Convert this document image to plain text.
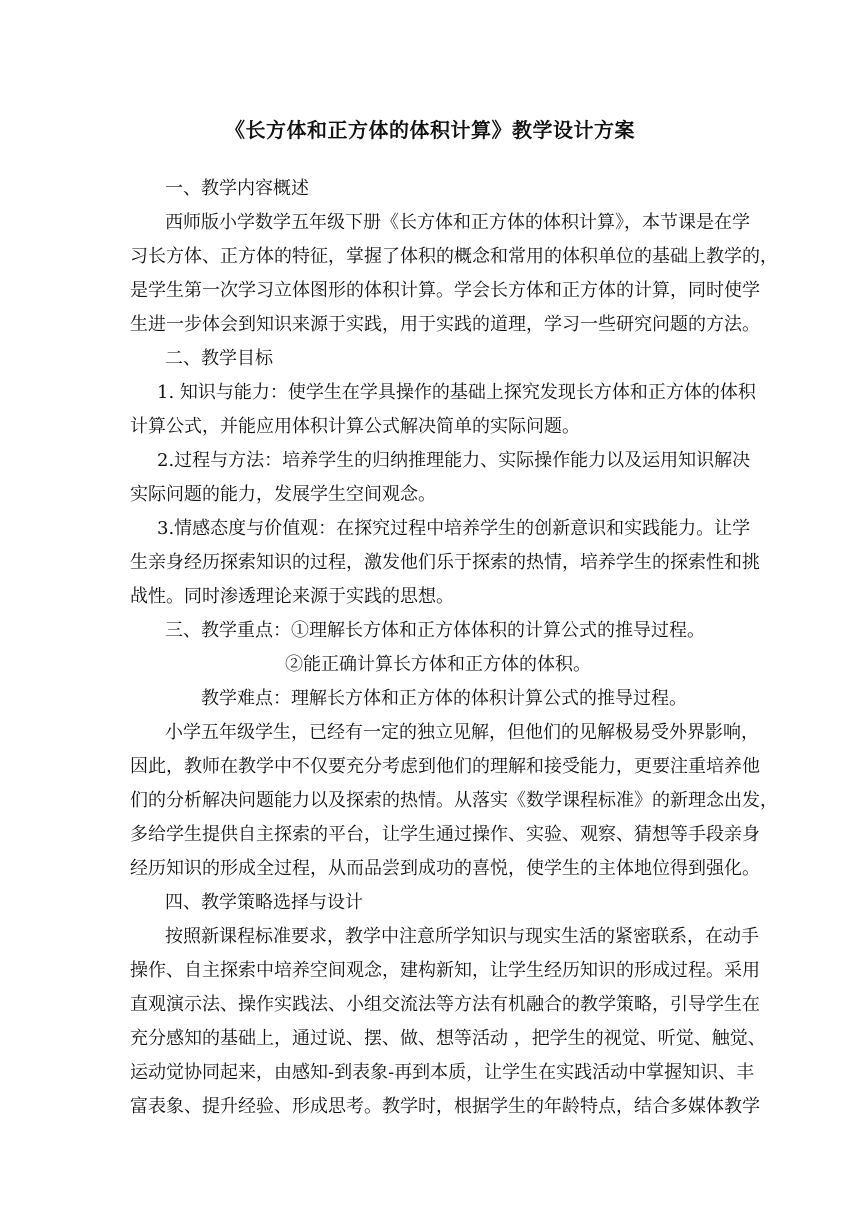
《长方体和正方体的体积计算》教学设计方案
一、教学内容概述
西师版小学数学五年级下册《长方体和正方体的体积计算》，本节课是在学
习长方体、正方体的特征，掌握了体积的概念和常用的体积单位的基础上教学的，
是学生第一次学习立体图形的体积计算。学会长方体和正方体的计算，同时使学
生进一步体会到知识来源于实践，用于实践的道理，学习一些研究问题的方法。
二、教学目标
1. 知识与能力：使学生在学具操作的基础上探究发现长方体和正方体的体积
计算公式，并能应用体积计算公式解决简单的实际问题。
2.过程与方法：培养学生的归纳推理能力、实际操作能力以及运用知识解决
实际问题的能力，发展学生空间观念。
3.情感态度与价值观：在探究过程中培养学生的创新意识和实践能力。让学
生亲身经历探索知识的过程，激发他们乐于探索的热情，培养学生的探索性和挑
战性。同时渗透理论来源于实践的思想。
三、教学重点：①理解长方体和正方体体积的计算公式的推导过程。
②能正确计算长方体和正方体的体积。
教学难点：理解长方体和正方体的体积计算公式的推导过程。
小学五年级学生，已经有一定的独立见解，但他们的见解极易受外界影响，
因此，教师在教学中不仅要充分考虑到他们的理解和接受能力，更要注重培养他
们的分析解决问题能力以及探索的热情。从落实《数学课程标准》的新理念出发，
多给学生提供自主探索的平台，让学生通过操作、实验、观察、猜想等手段亲身
经历知识的形成全过程，从而品尝到成功的喜悦，使学生的主体地位得到强化。
四、教学策略选择与设计
按照新课程标准要求，教学中注意所学知识与现实生活的紧密联系，在动手
操作、自主探索中培养空间观念，建构新知，让学生经历知识的形成过程。采用
直观演示法、操作实践法、小组交流法等方法有机融合的教学策略，引导学生在
充分感知的基础上，通过说、摆、做、想等活动 ，把学生的视觉、听觉、触觉、
运动觉协同起来，由感知-到表象-再到本质，让学生在实践活动中掌握知识、丰
富表象、提升经验、形成思考。教学时，根据学生的年龄特点，结合多媒体教学
